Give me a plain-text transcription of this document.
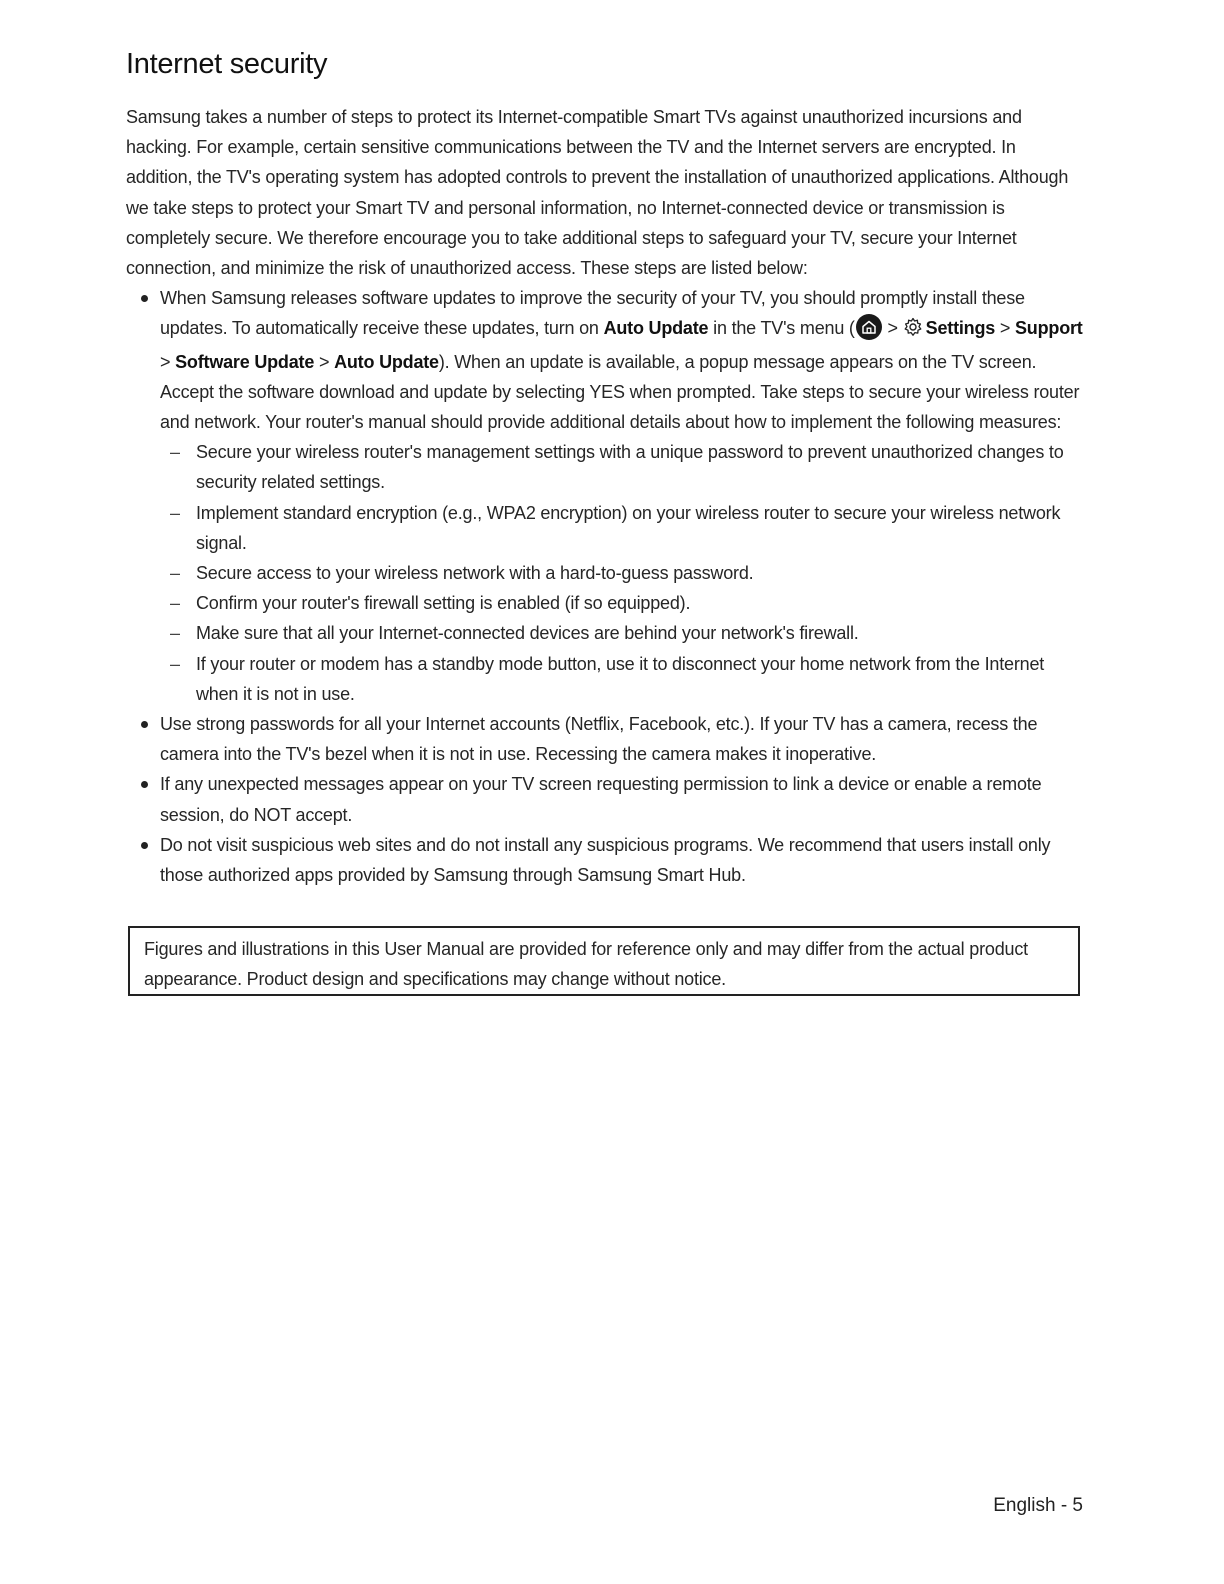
Internet security

Samsung takes a number of steps to protect its Internet-compatible Smart TVs against unauthorized incursions and hacking. For example, certain sensitive communications between the TV and the Internet servers are encrypted. In addition, the TV's operating system has adopted controls to prevent the installation of unauthorized applications. Although we take steps to protect your Smart TV and personal information, no Internet-connected device or transmission is completely secure. We therefore encourage you to take additional steps to safeguard your TV, secure your Internet connection, and minimize the risk of unauthorized access. These steps are listed below:

When Samsung releases software updates to improve the security of your TV, you should promptly install these updates. To automatically receive these updates, turn on Auto Update in the TV's menu (
> Settings > Support > Software Update > Auto Update). When an update is available, a popup message appears on the TV screen. Accept the software download and update by selecting YES when prompted. Take steps to secure your wireless router and network. Your router's manual should provide additional details about how to implement the following measures:
– Secure your wireless router's management settings with a unique password to prevent unauthorized changes to security related settings.
– Implement standard encryption (e.g., WPA2 encryption) on your wireless router to secure your wireless network signal.
– Secure access to your wireless network with a hard-to-guess password.
– Confirm your router's firewall setting is enabled (if so equipped).
– Make sure that all your Internet-connected devices are behind your network's firewall.
– If your router or modem has a standby mode button, use it to disconnect your home network from the Internet when it is not in use.
Use strong passwords for all your Internet accounts (Netflix, Facebook, etc.). If your TV has a camera, recess the camera into the TV's bezel when it is not in use. Recessing the camera makes it inoperative.
If any unexpected messages appear on your TV screen requesting permission to link a device or enable a remote session, do NOT accept.
Do not visit suspicious web sites and do not install any suspicious programs. We recommend that users install only those authorized apps provided by Samsung through Samsung Smart Hub.
Figures and illustrations in this User Manual are provided for reference only and may differ from the actual product appearance. Product design and specifications may change without notice.
English - 5
